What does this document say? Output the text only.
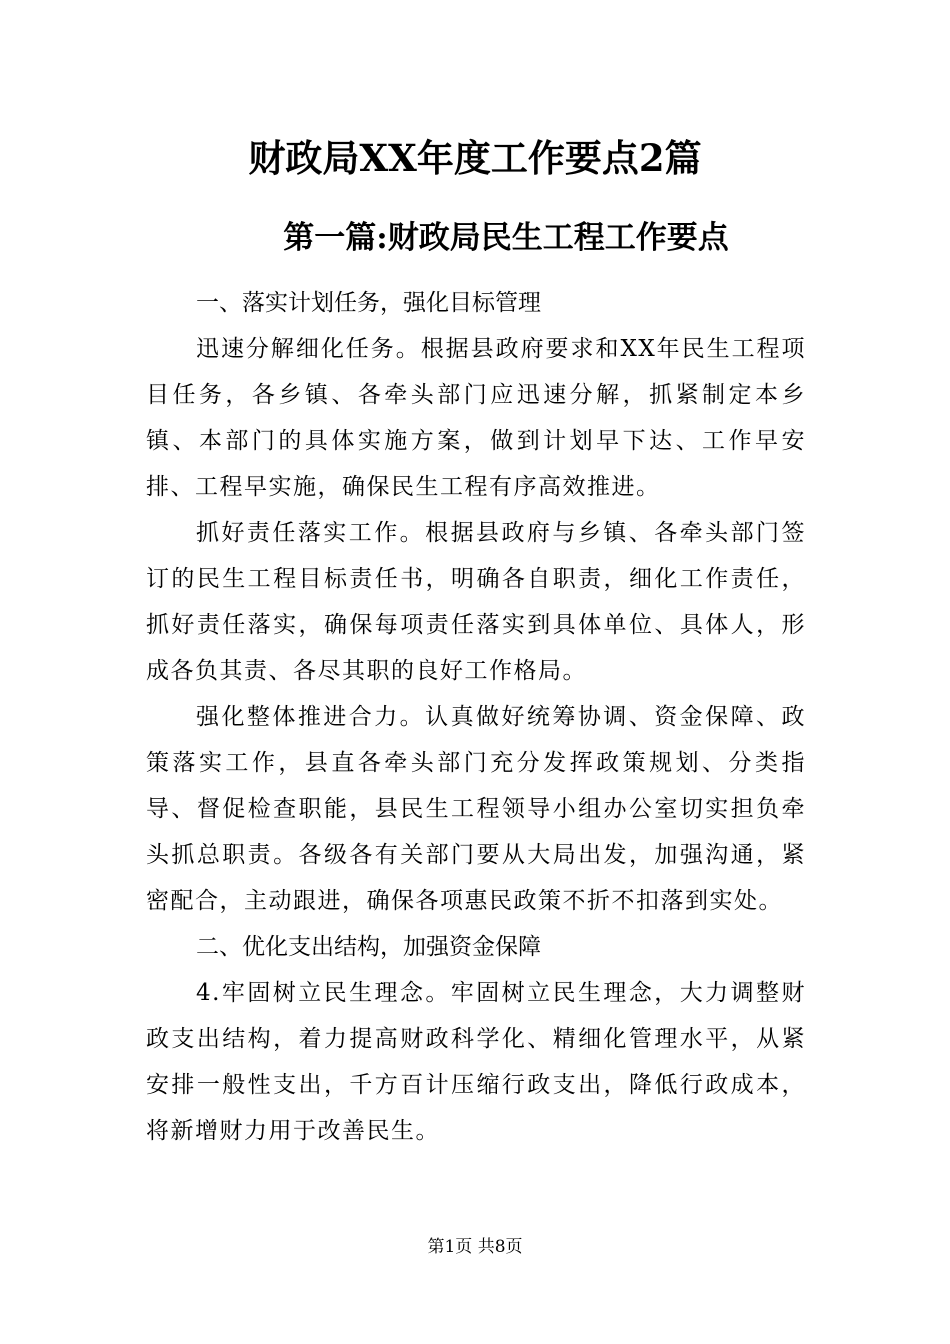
财政局XX年度工作要点2篇
第一篇:财政局民生工程工作要点
一、落实计划任务，强化目标管理

迅速分解细化任务。根据县政府要求和XX年民生工程项目任务，各乡镇、各牵头部门应迅速分解，抓紧制定本乡镇、本部门的具体实施方案，做到计划早下达、工作早安排、工程早实施，确保民生工程有序高效推进。

抓好责任落实工作。根据县政府与乡镇、各牵头部门签订的民生工程目标责任书，明确各自职责，细化工作责任，抓好责任落实，确保每项责任落实到具体单位、具体人，形成各负其责、各尽其职的良好工作格局。

强化整体推进合力。认真做好统筹协调、资金保障、政策落实工作，县直各牵头部门充分发挥政策规划、分类指导、督促检查职能，县民生工程领导小组办公室切实担负牵头抓总职责。各级各有关部门要从大局出发，加强沟通，紧密配合，主动跟进，确保各项惠民政策不折不扣落到实处。

二、优化支出结构，加强资金保障

4.牢固树立民生理念。牢固树立民生理念，大力调整财政支出结构，着力提高财政科学化、精细化管理水平，从紧安排一般性支出，千方百计压缩行政支出，降低行政成本，将新增财力用于改善民生。

第1页 共8页
